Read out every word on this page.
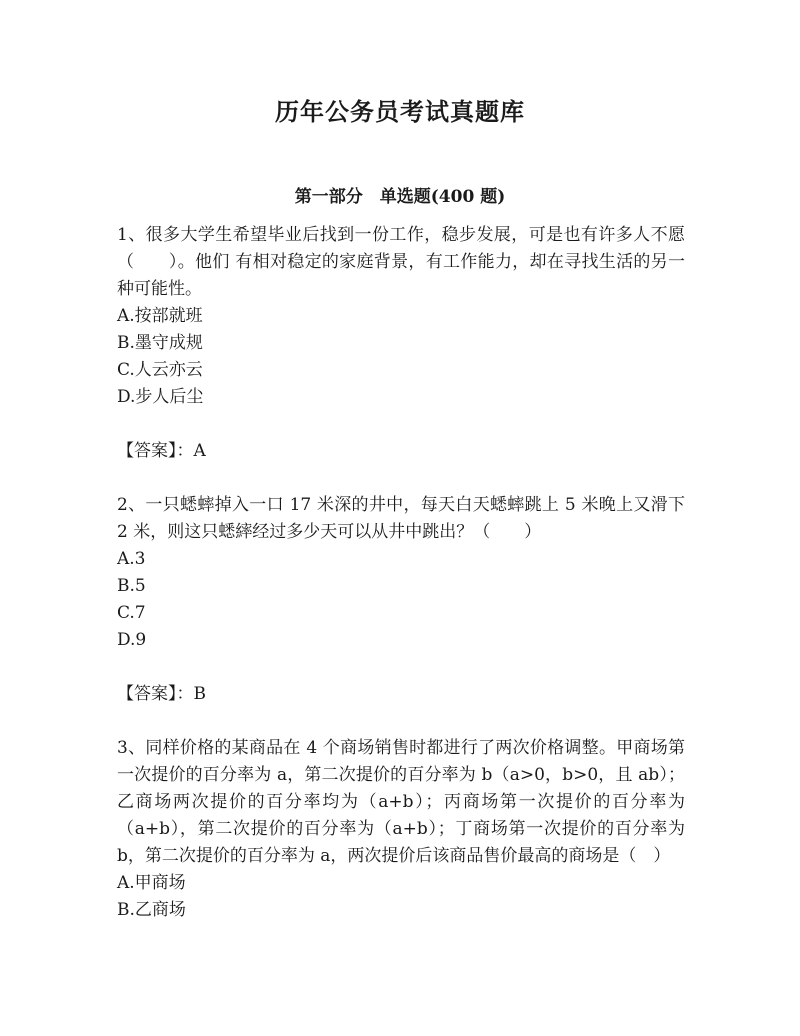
历年公务员考试真题库
第一部分　单选题(400 题)

1、很多大学生希望毕业后找到一份工作，稳步发展，可是也有许多人不愿（　　）。他们 有相对稳定的家庭背景，有工作能力，却在寻找生活的另一种可能性。

A.按部就班

B.墨守成规

C.人云亦云

D.步人后尘

【答案】：A

2、一只蟋蟀掉入一口 17 米深的井中，每天白天蟋蟀跳上 5 米晚上又滑下 2 米，则这只蟋繂经过多少天可以从井中跳出？（　　）

A.3

B.5

C.7

D.9

【答案】：B

3、同样价格的某商品在 4 个商场销售时都进行了两次价格调整。甲商场第一次提价的百分率为 a，第二次提价的百分率为 b（a>0，b>0，且 ab）；乙商场两次提价的百分率均为（a+b）；丙商场第一次提价的百分率为（a+b），第二次提价的百分率为（a+b）；丁商场第一次提价的百分率为 b，第二次提价的百分率为 a，两次提价后该商品售价最高的商场是（　）

A.甲商场

B.乙商场
